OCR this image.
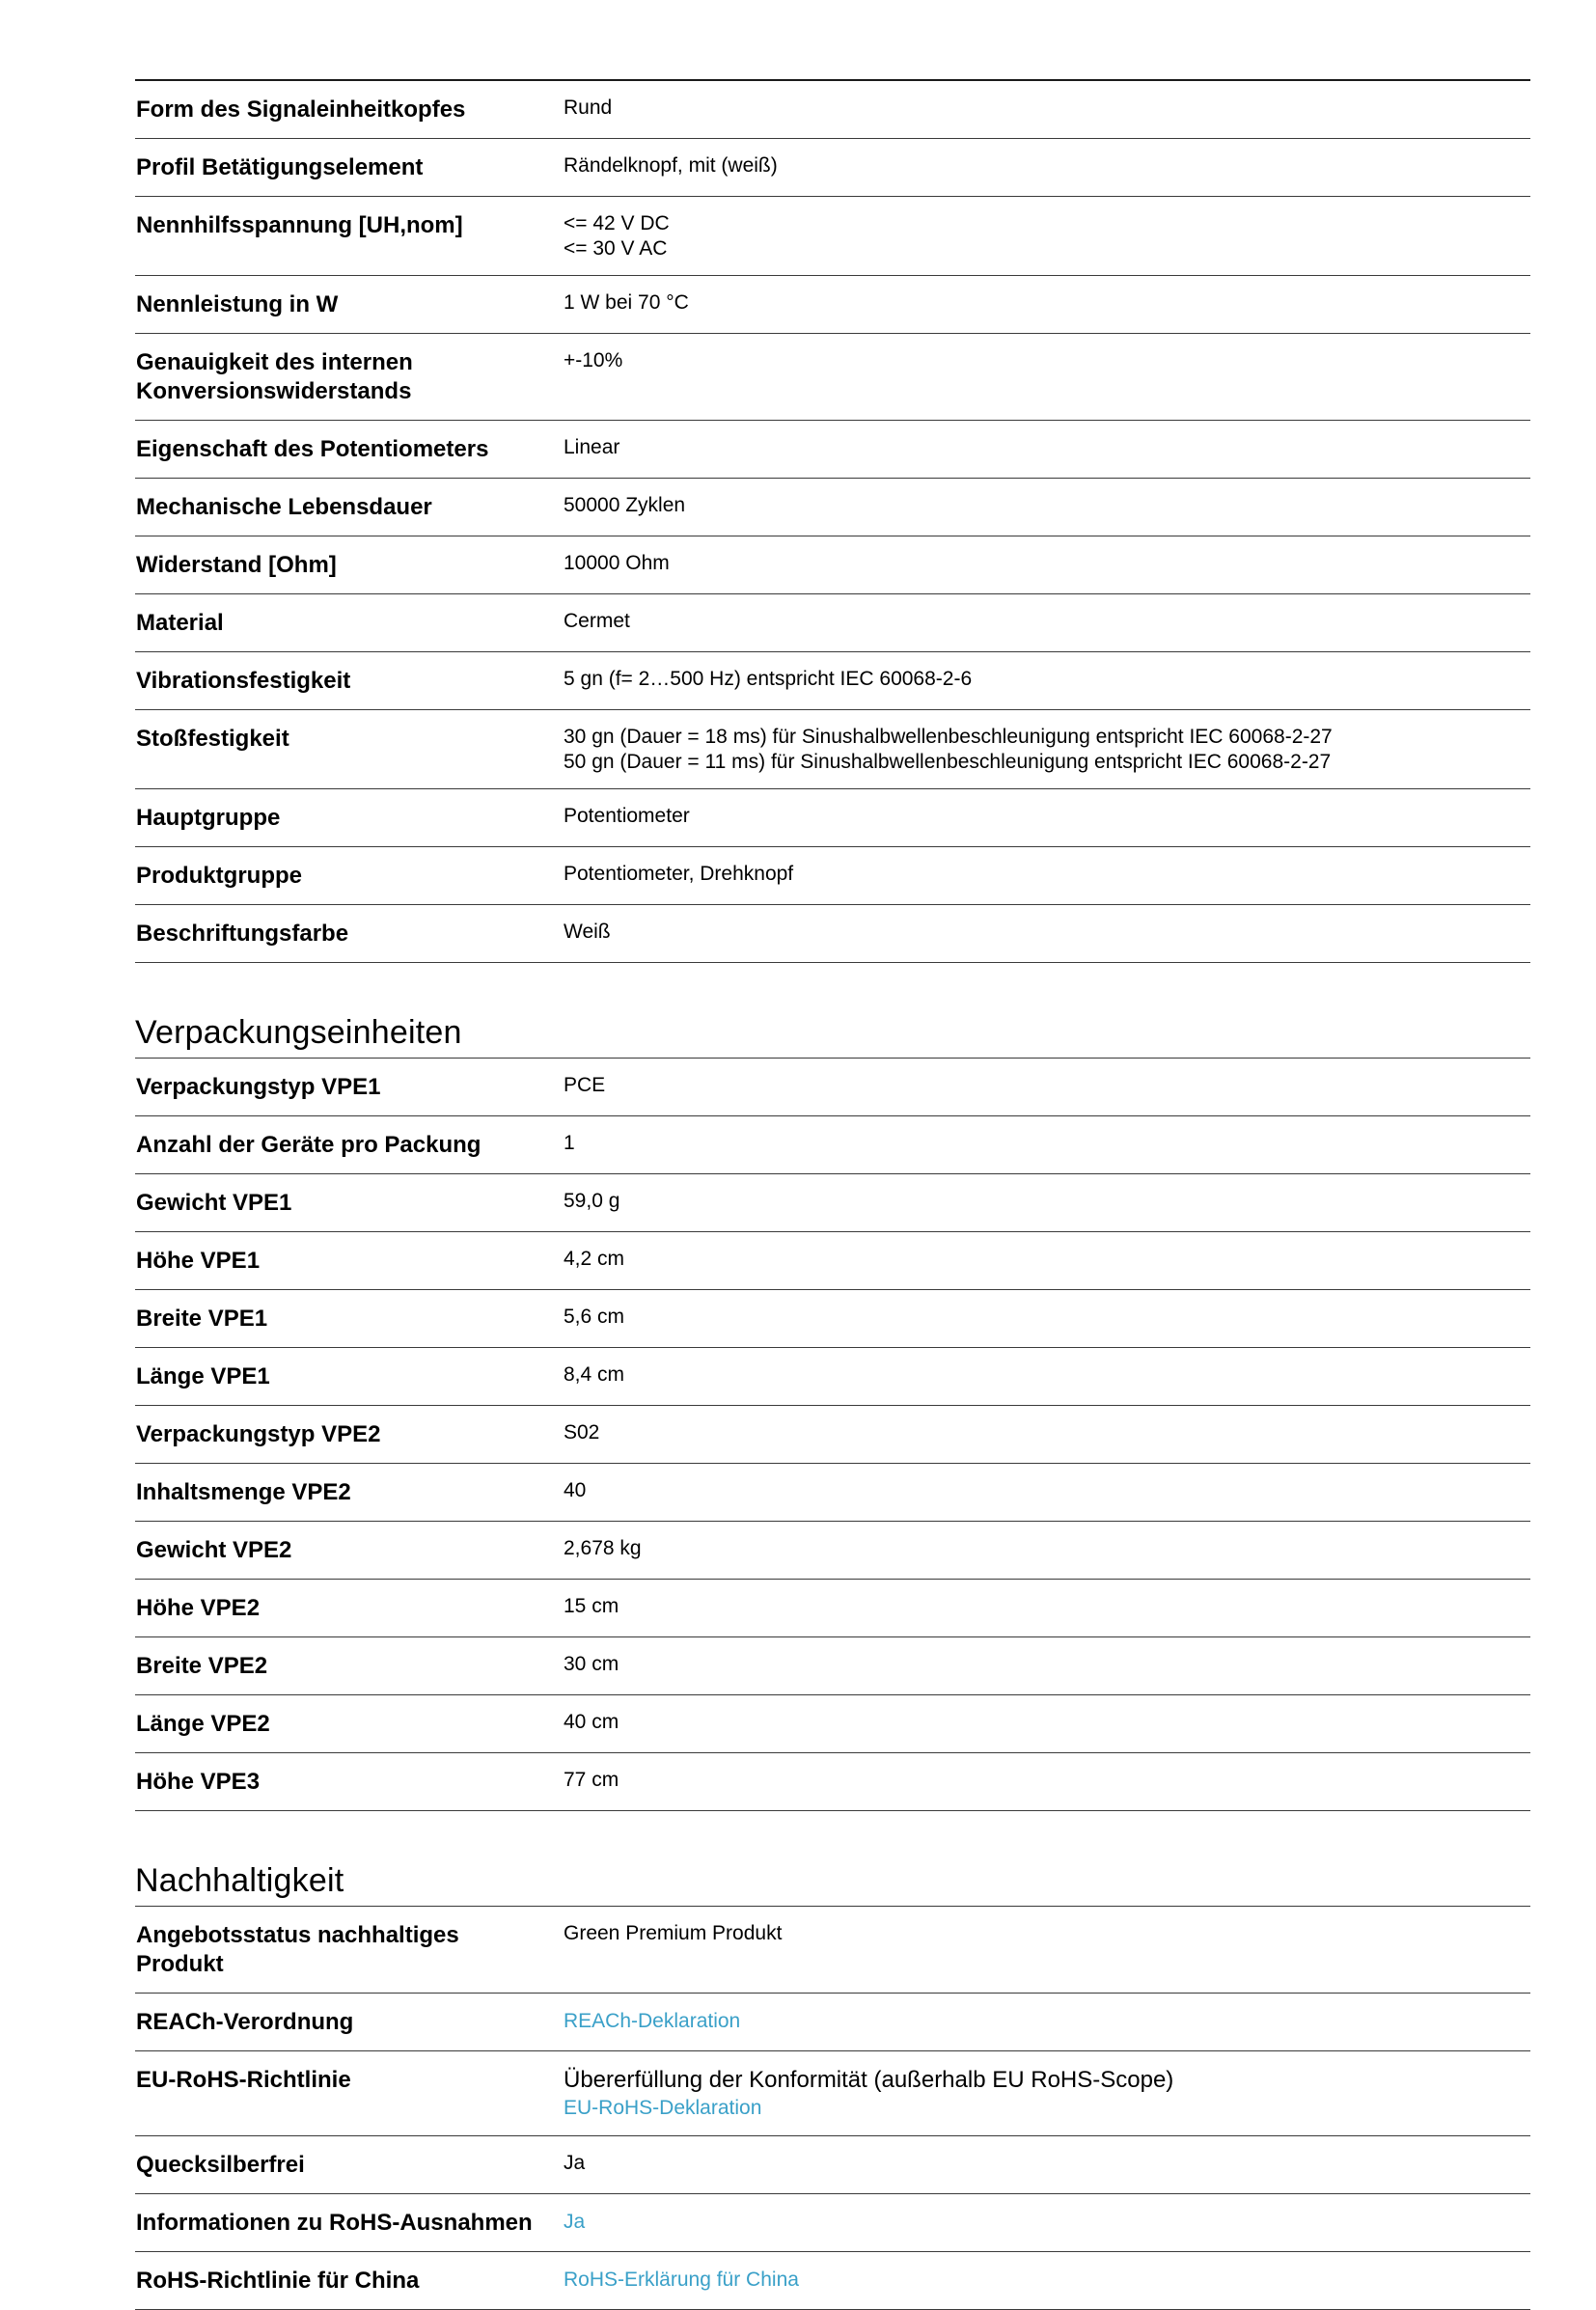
Form des Signaleinheitkopfes	Rund

Profil Betätigungselement	Rändelknopf, mit (weiß)

Nennhilfsspannung [UH,nom]	<= 42 V DC
<= 30 V AC

Nennleistung in W	1 W bei 70 °C

Genauigkeit des internen Konversionswiderstands	+-10%

Eigenschaft des Potentiometers	Linear

Mechanische Lebensdauer	50000 Zyklen

Widerstand [Ohm]	10000 Ohm

Material	Cermet

Vibrationsfestigkeit	5 gn (f= 2…500 Hz) entspricht IEC 60068-2-6

Stoßfestigkeit	30 gn (Dauer = 18 ms) für Sinushalbwellenbeschleunigung entspricht IEC 60068-2-27
50 gn (Dauer = 11 ms) für Sinushalbwellenbeschleunigung entspricht IEC 60068-2-27

Hauptgruppe	Potentiometer

Produktgruppe	Potentiometer, Drehknopf

Beschriftungsfarbe	Weiß
Verpackungseinheiten
Verpackungstyp VPE1	PCE

Anzahl der Geräte pro Packung	1

Gewicht VPE1	59,0 g

Höhe VPE1	4,2 cm

Breite VPE1	5,6 cm

Länge VPE1	8,4 cm

Verpackungstyp VPE2	S02

Inhaltsmenge VPE2	40

Gewicht VPE2	2,678 kg

Höhe VPE2	15 cm

Breite VPE2	30 cm

Länge VPE2	40 cm

Höhe VPE3	77 cm
Nachhaltigkeit
Angebotsstatus nachhaltiges Produkt	Green Premium Produkt

REACh-Verordnung	REACh-Deklaration

EU-RoHS-Richtlinie	Übererfüllung der Konformität (außerhalb EU RoHS-Scope)
EU-RoHS-Deklaration

Quecksilberfrei	Ja

Informationen zu RoHS-Ausnahmen	Ja

RoHS-Richtlinie für China	RoHS-Erklärung für China
